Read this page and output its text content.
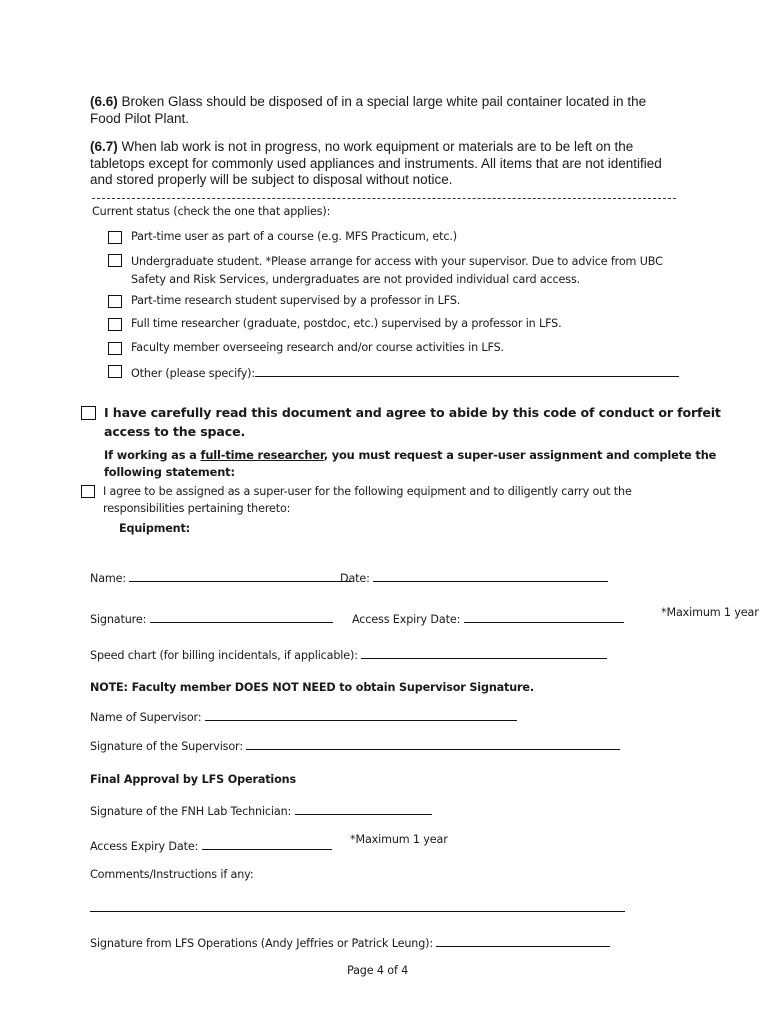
(6.6) Broken Glass should be disposed of in a special large white pail container located in the Food Pilot Plant.
(6.7) When lab work is not in progress, no work equipment or materials are to be left on the tabletops except for commonly used appliances and instruments. All items that are not identified and stored properly will be subject to disposal without notice.
Current status (check the one that applies):
Part-time user as part of a course (e.g. MFS Practicum, etc.)
Undergraduate student. *Please arrange for access with your supervisor. Due to advice from UBC Safety and Risk Services, undergraduates are not provided individual card access.
Part-time research student supervised by a professor in LFS.
Full time researcher (graduate, postdoc, etc.) supervised by a professor in LFS.
Faculty member overseeing research and/or course activities in LFS.
Other (please specify):
I have carefully read this document and agree to abide by this code of conduct or forfeit access to the space.
If working as a full-time researcher, you must request a super-user assignment and complete the following statement:
I agree to be assigned as a super-user for the following equipment and to diligently carry out the responsibilities pertaining thereto:
Equipment:
Name:	Date:
Signature:	Access Expiry Date:
*Maximum 1 year
Speed chart (for billing incidentals, if applicable):
NOTE: Faculty member DOES NOT NEED to obtain Supervisor Signature.
Name of Supervisor:
Signature of the Supervisor:
Final Approval by LFS Operations
Signature of the FNH Lab Technician:
Access Expiry Date:
*Maximum 1 year
Comments/Instructions if any:
Signature from LFS Operations (Andy Jeffries or Patrick Leung):
Page 4 of 4
